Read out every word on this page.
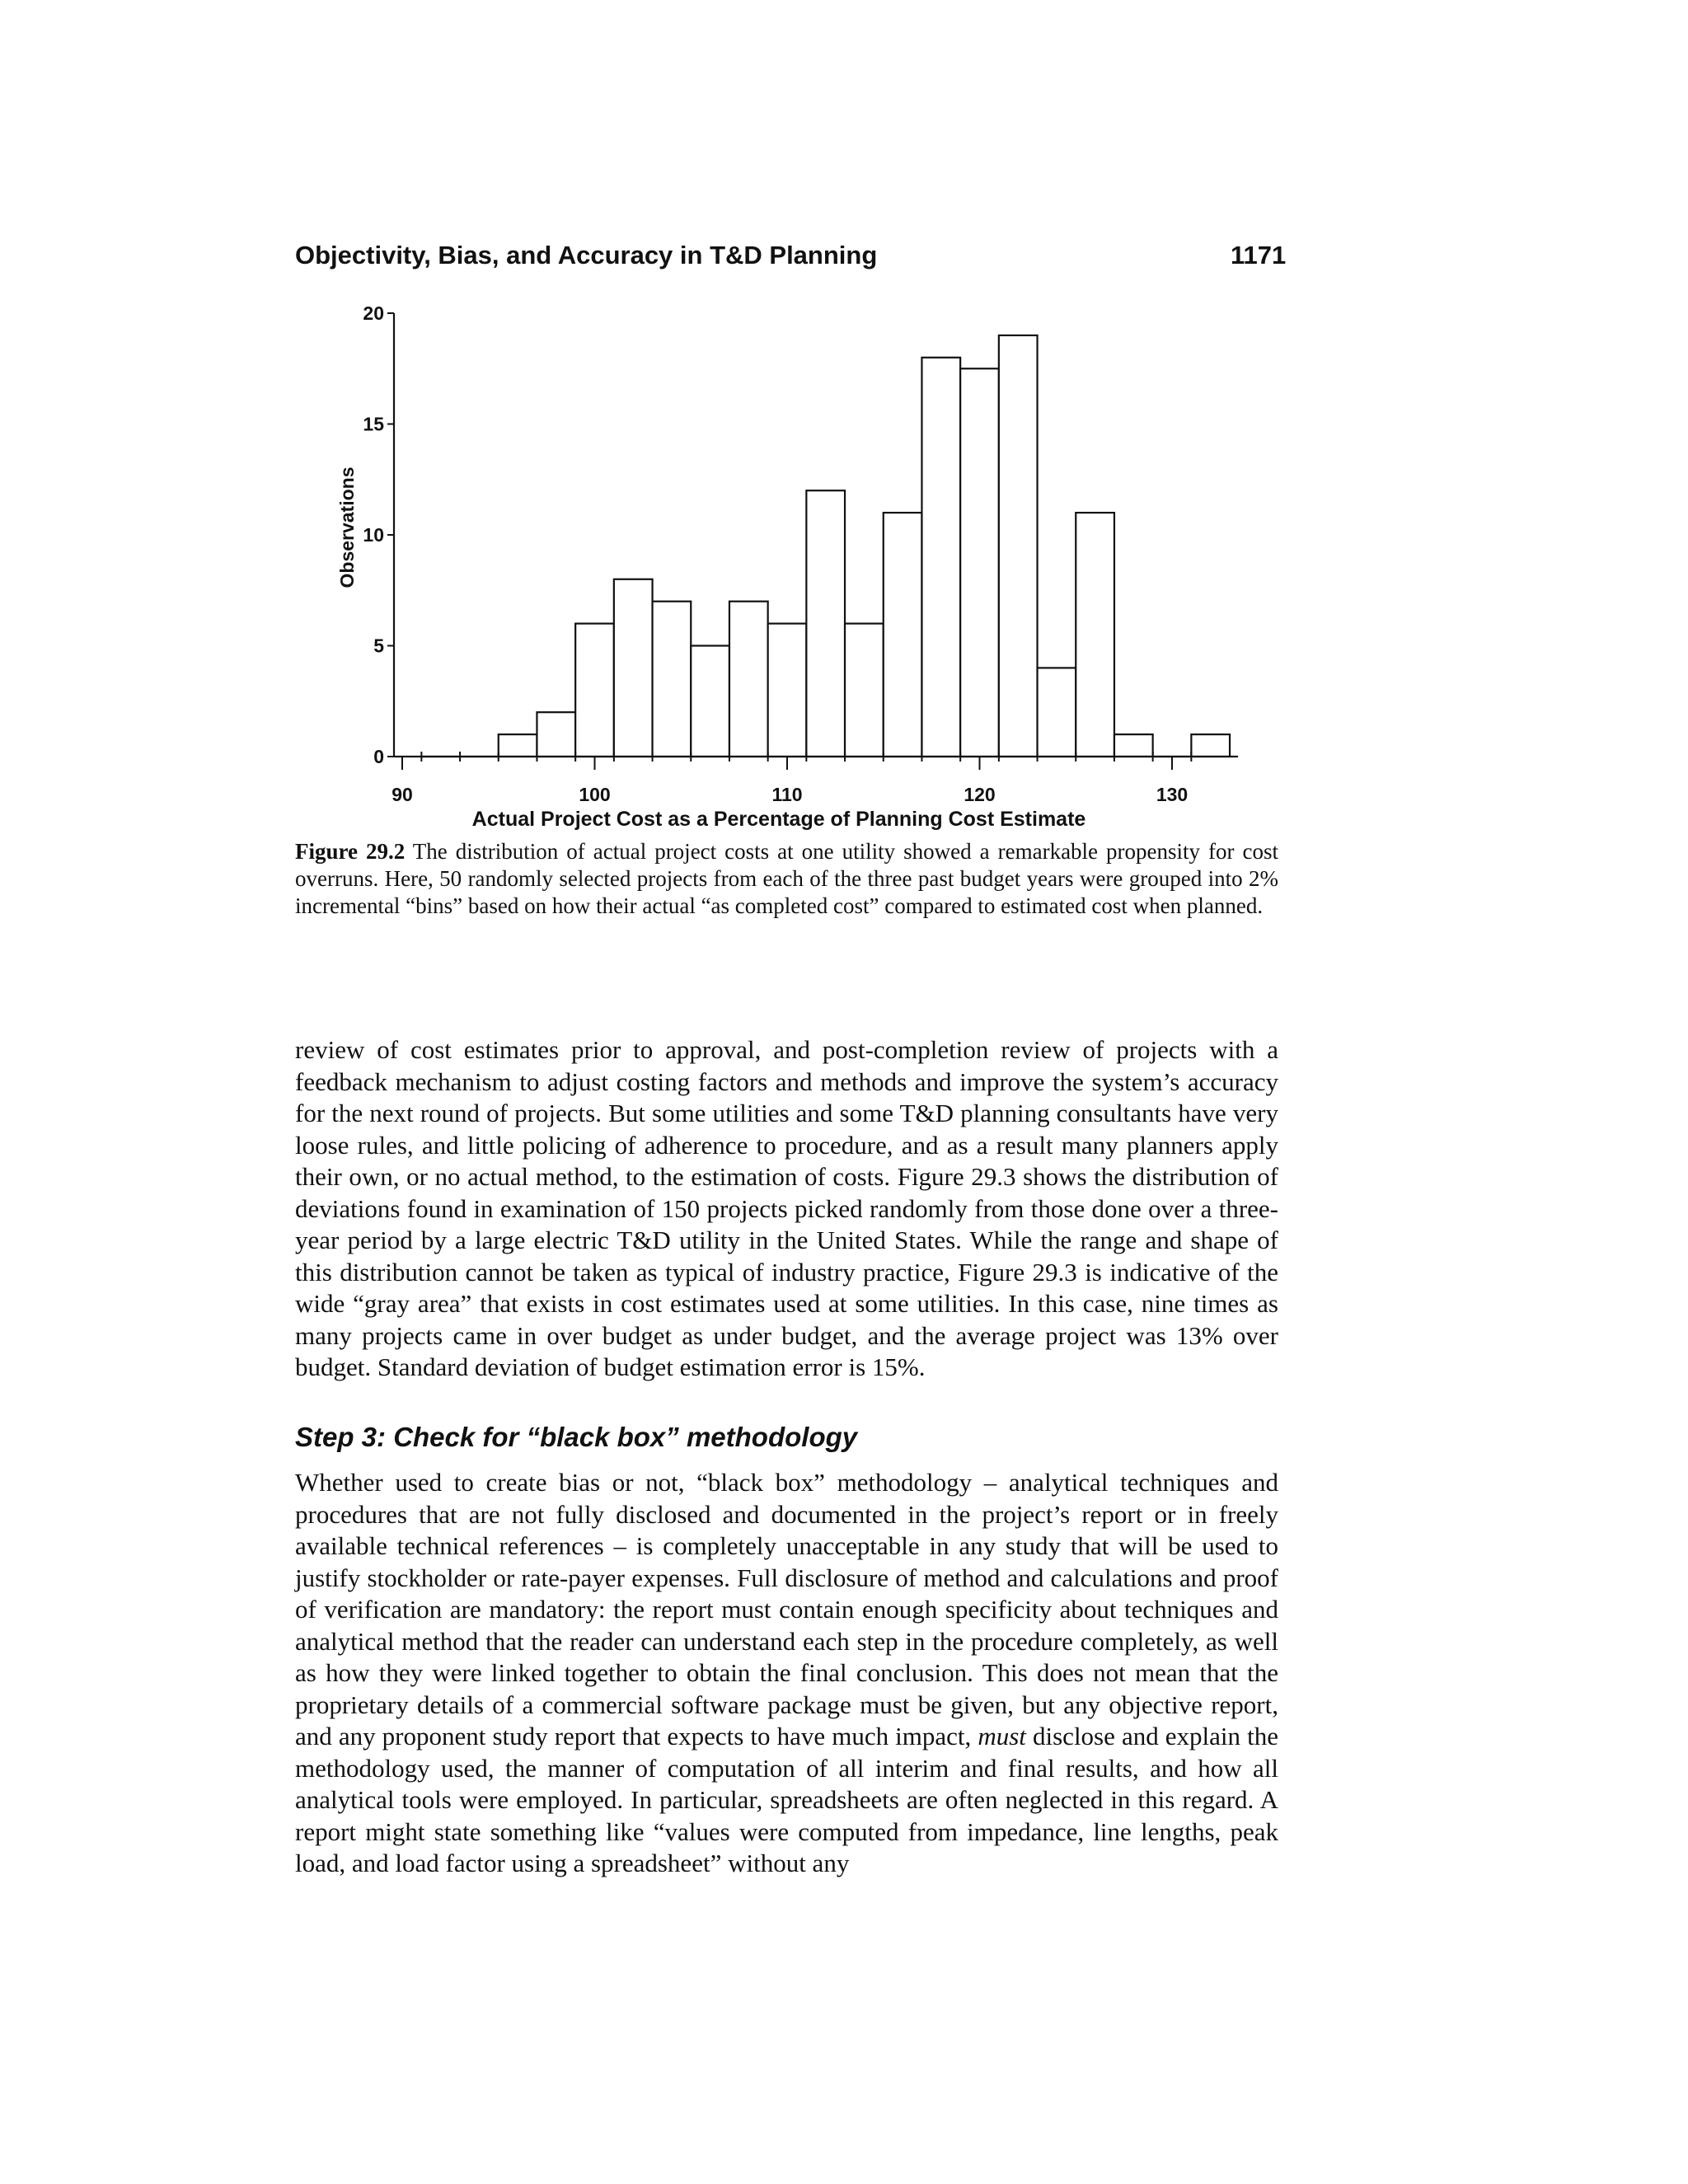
Objectivity, Bias, and Accuracy in T&D Planning	1171
90	100	110	120	130
0
5
10
15
20
Actual Project Cost as a Percentage of Planning Cost Estimate
Observations
Figure 29.2 The distribution of actual project costs at one utility showed a remarkable propensity for cost overruns. Here, 50 randomly selected projects from each of the three past budget years were grouped into 2% incremental “bins” based on how their actual “as completed cost” compared to estimated cost when planned.

review of cost estimates prior to approval, and post-completion review of projects with a feedback mechanism to adjust costing factors and methods and improve the system’s accuracy for the next round of projects. But some utilities and some T&D planning consultants have very loose rules, and little policing of adherence to procedure, and as a result many planners apply their own, or no actual method, to the estimation of costs. Figure 29.3 shows the distribution of deviations found in examination of 150 projects picked randomly from those done over a three-year period by a large electric T&D utility in the United States. While the range and shape of this distribution cannot be taken as typical of industry practice, Figure 29.3 is indicative of the wide “gray area” that exists in cost estimates used at some utilities. In this case, nine times as many projects came in over budget as under budget, and the average project was 13% over budget. Standard deviation of budget estimation error is 15%.

Step 3: Check for “black box” methodology

Whether used to create bias or not, “black box” methodology – analytical techniques and procedures that are not fully disclosed and documented in the project’s report or in freely available technical references – is completely unacceptable in any study that will be used to justify stockholder or rate-payer expenses. Full disclosure of method and calculations and proof of verification are mandatory: the report must contain enough specificity about techniques and analytical method that the reader can understand each step in the procedure completely, as well as how they were linked together to obtain the final conclusion. This does not mean that the proprietary details of a commercial software package must be given, but any objective report, and any proponent study report that expects to have much impact, must disclose and explain the methodology used, the manner of computation of all interim and final results, and how all analytical tools were employed. In particular, spreadsheets are often neglected in this regard. A report might state something like “values were computed from impedance, line lengths, peak load, and load factor using a spreadsheet” without any
